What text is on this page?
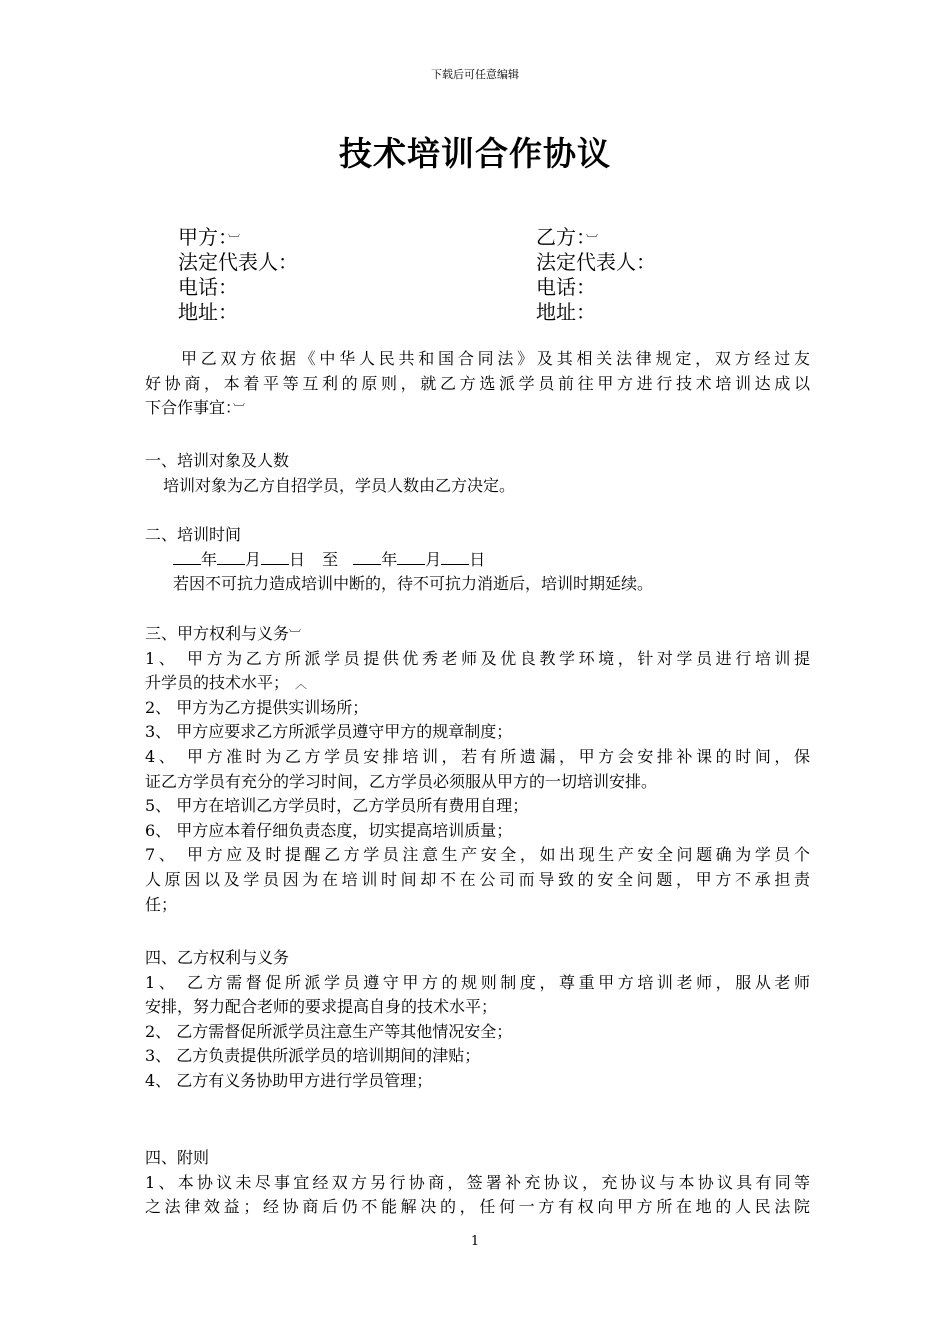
下载后可任意编辑
技术培训合作协议
甲方：︺
法定代表人：
电话：
地址：
乙方：︺
法定代表人：
电话：
地址：
甲乙双方依据《中华人民共和国合同法》及其相关法律规定，双方经过友
好协商，本着平等互利的原则，就乙方选派学员前往甲方进行技术培训达成以
下合作事宜：︺
一、培训对象及人数
培训对象为乙方自招学员，学员人数由乙方决定。
二、培训时间
年 月 日 至	年 月 日
若因不可抗力造成培训中断的，待不可抗力消逝后，培训时期延续。
三、甲方权利与义务︺
1、 甲方为乙方所派学员提供优秀老师及优良教学环境，针对学员进行培训提
升学员的技术水平； ︿
2、 甲方为乙方提供实训场所；
3、 甲方应要求乙方所派学员遵守甲方的规章制度；
4、 甲方准时为乙方学员安排培训，若有所遗漏，甲方会安排补课的时间，保
证乙方学员有充分的学习时间，乙方学员必须服从甲方的一切培训安排。
5、 甲方在培训乙方学员时，乙方学员所有费用自理；
6、 甲方应本着仔细负责态度，切实提高培训质量；
7、 甲方应及时提醒乙方学员注意生产安全，如出现生产安全问题确为学员个
人原因以及学员因为在培训时间却不在公司而导致的安全问题，甲方不承担责
任；
四、乙方权利与义务
1、 乙方需督促所派学员遵守甲方的规则制度，尊重甲方培训老师，服从老师
安排，努力配合老师的要求提高自身的技术水平；
2、 乙方需督促所派学员注意生产等其他情况安全；
3、 乙方负责提供所派学员的培训期间的津贴；
4、 乙方有义务协助甲方进行学员管理；
四、附则
1、本协议未尽事宜经双方另行协商，签署补充协议，充协议与本协议具有同等
之法律效益；经协商后仍不能解决的，任何一方有权向甲方所在地的人民法院
1
